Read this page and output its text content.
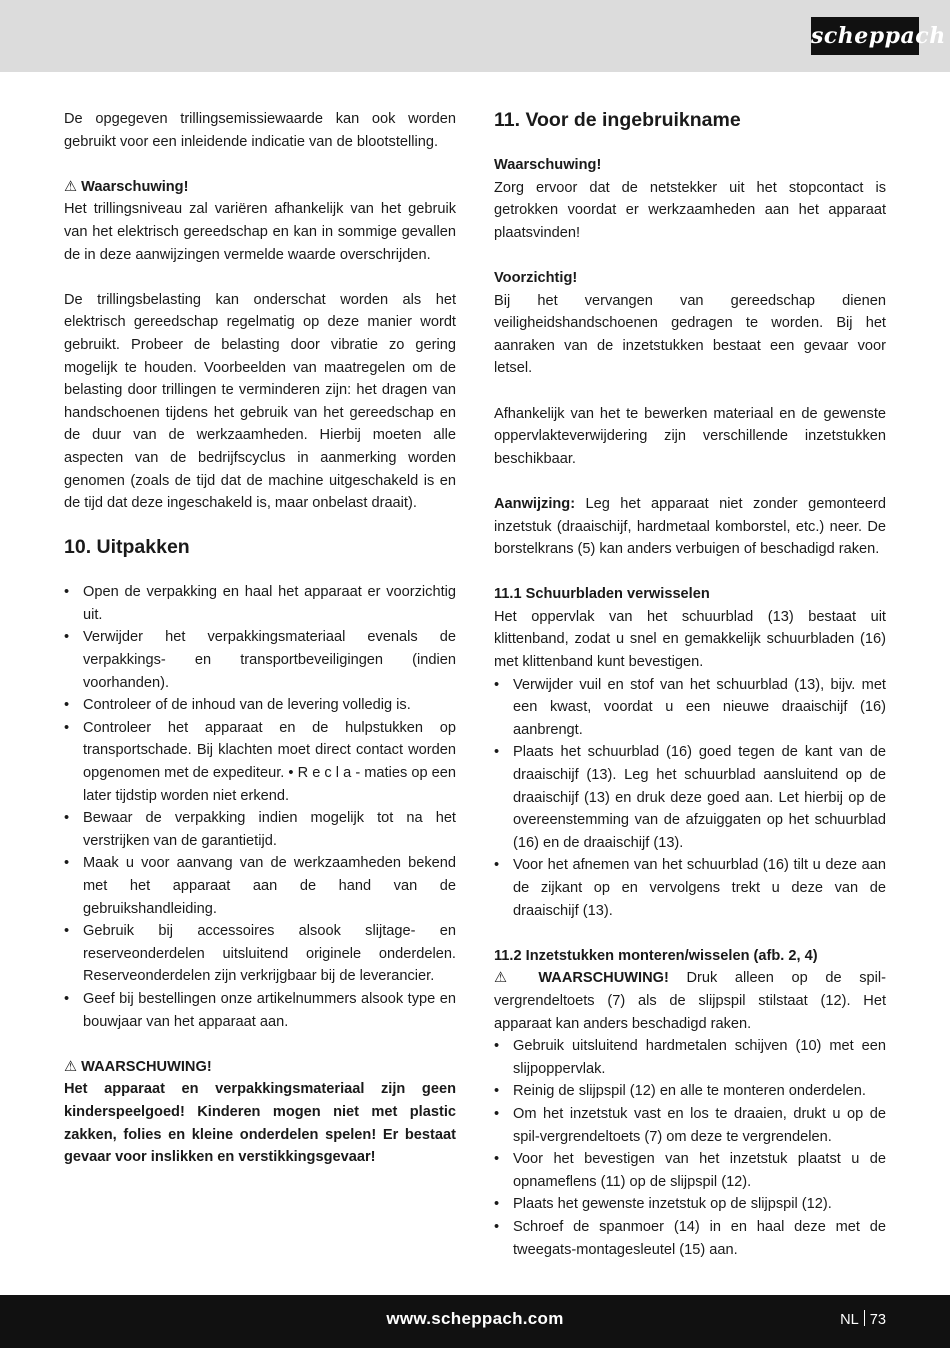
scheppach

De opgegeven trillingsemissiewaarde kan ook worden gebruikt voor een inleidende indicatie van de blootstelling.

⚠ Waarschuwing!

Het trillingsniveau zal variëren afhankelijk van het gebruik van het elektrisch gereedschap en kan in sommige gevallen de in deze aanwijzingen vermelde waarde overschrijden.

De trillingsbelasting kan onderschat worden als het elektrisch gereedschap regelmatig op deze manier wordt gebruikt. Probeer de belasting door vibratie zo gering mogelijk te houden. Voorbeelden van maatregelen om de belasting door trillingen te verminderen zijn: het dragen van handschoenen tijdens het gebruik van het gereedschap en de duur van de werkzaamheden. Hierbij moeten alle aspecten van de bedrijfscyclus in aanmerking worden genomen (zoals de tijd dat de machine uitgeschakeld is en de tijd dat deze ingeschakeld is, maar onbelast draait).

10. Uitpakken

• Open de verpakking en haal het apparaat er voorzichtig uit.
• Verwijder het verpakkingsmateriaal evenals de verpakkings- en transportbeveiligingen (indien voorhanden).
• Controleer of de inhoud van de levering volledig is.
• Controleer het apparaat en de hulpstukken op transportschade. Bij klachten moet direct contact worden opgenomen met de expediteur. • R e c l a - maties op een later tijdstip worden niet erkend.
• Bewaar de verpakking indien mogelijk tot na het verstrijken van de garantietijd.
• Maak u voor aanvang van de werkzaamheden bekend met het apparaat aan de hand van de gebruikshandleiding.
• Gebruik bij accessoires alsook slijtage- en reserveonderdelen uitsluitend originele onderdelen. Reserveonderdelen zijn verkrijgbaar bij de leverancier.
• Geef bij bestellingen onze artikelnummers alsook type en bouwjaar van het apparaat aan.

⚠ WAARSCHUWING!

Het apparaat en verpakkingsmateriaal zijn geen kinderspeelgoed! Kinderen mogen niet met plastic zakken, folies en kleine onderdelen spelen! Er bestaat gevaar voor inslikken en verstikkingsgevaar!

11. Voor de ingebruikname

Waarschuwing!

Zorg ervoor dat de netstekker uit het stopcontact is getrokken voordat er werkzaamheden aan het apparaat plaatsvinden!

Voorzichtig!

Bij het vervangen van gereedschap dienen veiligheidshandschoenen gedragen te worden. Bij het aanraken van de inzetstukken bestaat een gevaar voor letsel.

Afhankelijk van het te bewerken materiaal en de gewenste oppervlakteverwijdering zijn verschillende inzetstukken beschikbaar.

Aanwijzing: Leg het apparaat niet zonder gemonteerd inzetstuk (draaischijf, hardmetaal komborstel, etc.) neer. De borstelkrans (5) kan anders verbuigen of beschadigd raken.

11.1 Schuurbladen verwisselen

Het oppervlak van het schuurblad (13) bestaat uit klittenband, zodat u snel en gemakkelijk schuurbladen (16) met klittenband kunt bevestigen.

• Verwijder vuil en stof van het schuurblad (13), bijv. met een kwast, voordat u een nieuwe draaischijf (16) aanbrengt.
• Plaats het schuurblad (16) goed tegen de kant van de draaischijf (13). Leg het schuurblad aansluitend op de draaischijf (13) en druk deze goed aan. Let hierbij op de overeenstemming van de afzuiggaten op het schuurblad (16) en de draaischijf (13).
• Voor het afnemen van het schuurblad (16) tilt u deze aan de zijkant op en vervolgens trekt u deze van de draaischijf (13).

11.2 Inzetstukken monteren/wisselen (afb. 2, 4)

⚠ WAARSCHUWING! Druk alleen op de spil-vergrendeltoets (7) als de slijpspil stilstaat (12). Het apparaat kan anders beschadigd raken.

• Gebruik uitsluitend hardmetalen schijven (10) met een slijpoppervlak.
• Reinig de slijpspil (12) en alle te monteren onderdelen.
• Om het inzetstuk vast en los te draaien, drukt u op de spil-vergrendeltoets (7) om deze te vergrendelen.
• Voor het bevestigen van het inzetstuk plaatst u de opnameflens (11) op de slijpspil (12).
• Plaats het gewenste inzetstuk op de slijpspil (12).
• Schroef de spanmoer (14) in en haal deze met de tweegats-montagesleutel (15) aan.
www.scheppach.com	NL 73
